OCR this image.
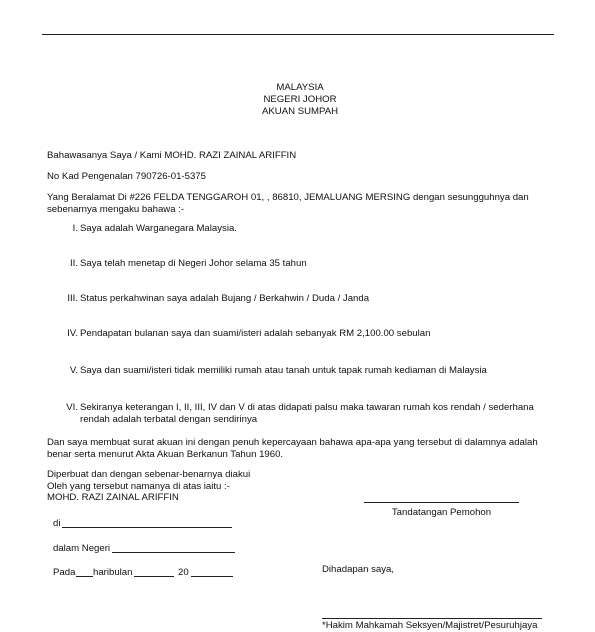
MALAYSIA
NEGERI JOHOR
AKUAN SUMPAH
Bahawasanya Saya / Kami MOHD. RAZI ZAINAL ARIFFIN
No Kad Pengenalan 790726-01-5375
Yang Beralamat Di #226 FELDA TENGGAROH 01, , 86810, JEMALUANG MERSING dengan sesungguhnya dan
sebenarnya mengaku bahawa :-
I. Saya adalah Warganegara Malaysia.
II. Saya telah menetap di Negeri Johor selama 35 tahun
III. Status perkahwinan saya adalah Bujang / Berkahwin / Duda / Janda
IV. Pendapatan bulanan saya dan suami/isteri adalah sebanyak RM 2,100.00 sebulan
V. Saya dan suami/isteri tidak memiliki rumah atau tanah untuk tapak rumah kediaman di Malaysia
VI. Sekiranya keterangan I, II, III, IV dan V di atas didapati palsu maka tawaran rumah kos rendah / sederhana
rendah adalah terbatal dengan sendirinya
Dan saya membuat surat akuan ini dengan penuh kepercayaan bahawa apa-apa yang tersebut di dalamnya adalah
benar serta menurut Akta Akuan Berkanun Tahun 1960.
Diperbuat dan dengan sebenar-benarnya diakui
Oleh yang tersebut namanya di atas iaitu :-
MOHD. RAZI ZAINAL ARIFFIN
Tandatangan Pemohon
di
dalam Negeri
Pada haribulan	20	Dihadapan saya,
*Hakim Mahkamah Seksyen/Majistret/Pesuruhjaya
